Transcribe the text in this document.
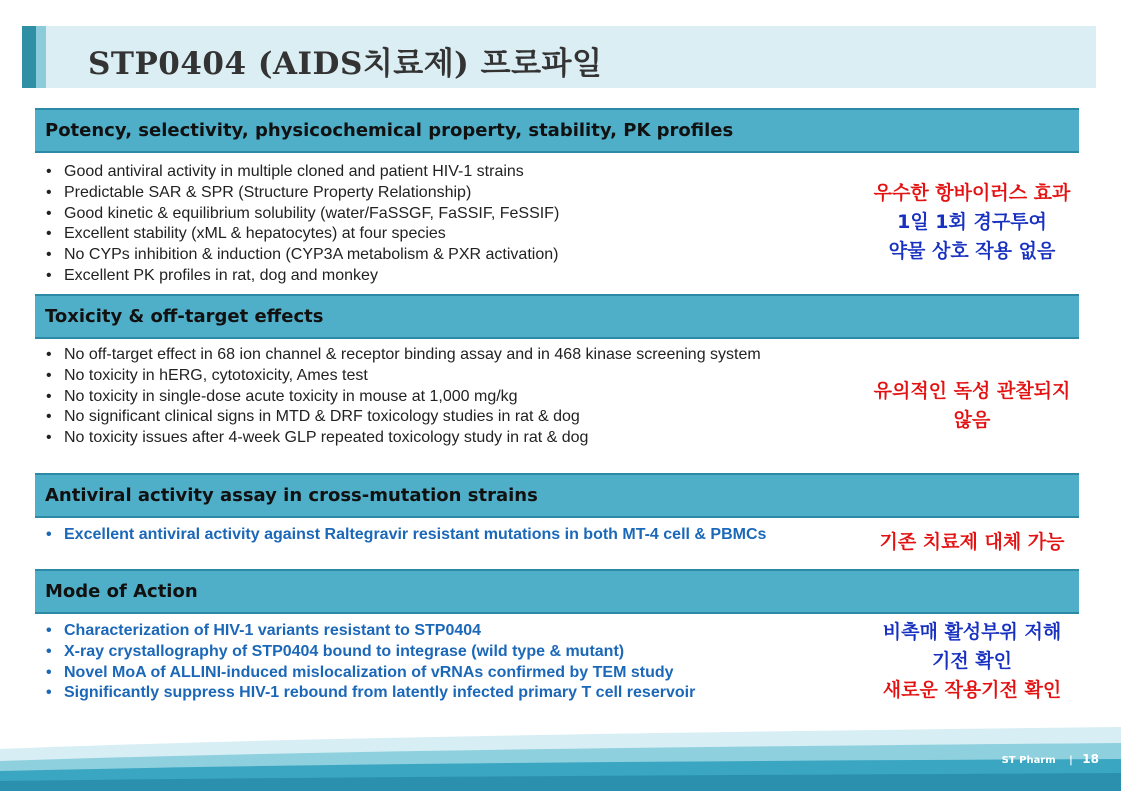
STP0404 (AIDS치료제) 프로파일
Potency, selectivity, physicochemical property, stability, PK profiles
• Good antiviral activity in multiple cloned and patient HIV-1 strains
• Predictable SAR & SPR (Structure Property Relationship)
• Good kinetic & equilibrium solubility (water/FaSSGF, FaSSIF, FeSSIF)
• Excellent stability (xML & hepatocytes) at four species
• No CYPs inhibition & induction (CYP3A metabolism & PXR activation)
• Excellent PK profiles in rat, dog and monkey
우수한 항바이러스 효과
1일 1회 경구투여
약물 상호 작용 없음
Toxicity & off-target effects
• No off-target effect in 68 ion channel & receptor binding assay and in 468 kinase screening system
• No toxicity in hERG, cytotoxicity, Ames test
• No toxicity in single-dose acute toxicity in mouse at 1,000 mg/kg
• No significant clinical signs in MTD & DRF toxicology studies in rat & dog
• No toxicity issues after 4-week GLP repeated toxicology study in rat & dog
유의적인 독성 관찰되지
않음
Antiviral activity assay in cross-mutation strains
• Excellent antiviral activity against Raltegravir resistant mutations in both MT-4 cell & PBMCs	기존 치료제 대체 가능
Mode of Action
• Characterization of HIV-1 variants resistant to STP0404
• X-ray crystallography of STP0404 bound to integrase (wild type & mutant)
• Novel MoA of ALLINI-induced mislocalization of vRNAs confirmed by TEM study
• Significantly suppress HIV-1 rebound from latently infected primary T cell reservoir
비촉매 활성부위 저해
기전 확인
새로운 작용기전 확인
ST Pharm | 18
